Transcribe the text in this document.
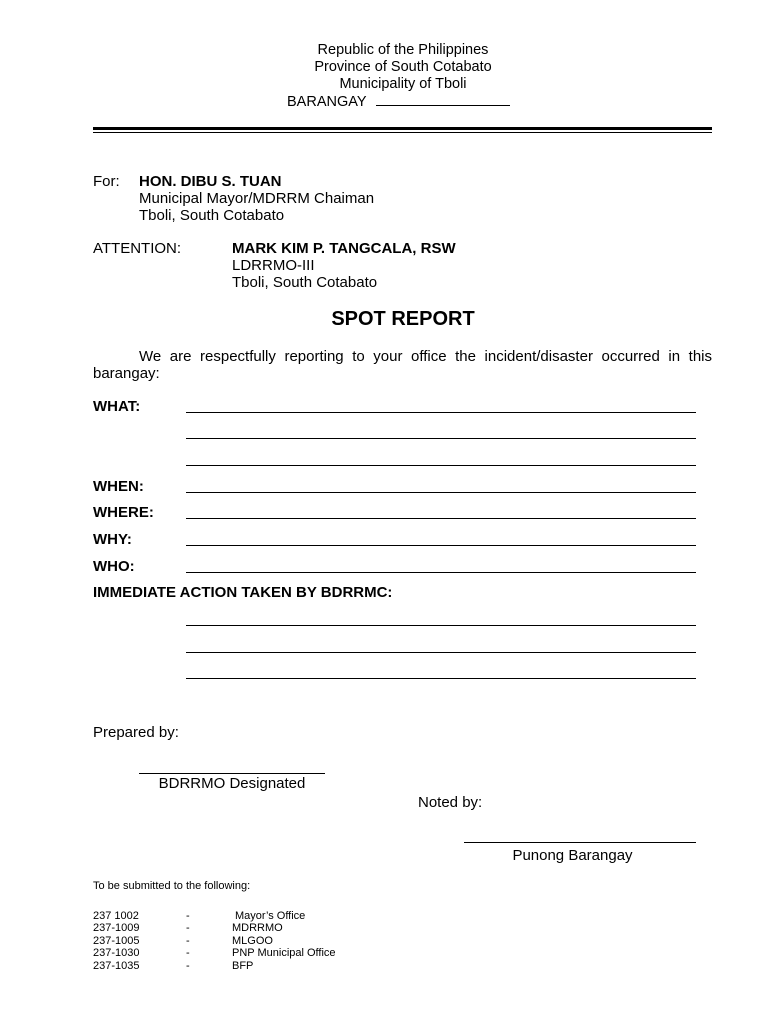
Republic of the Philippines
Province of South Cotabato
Municipality of Tboli
BARANGAY
For: HON. DIBU S. TUAN
Municipal Mayor/MDRRM Chaiman
Tboli, South Cotabato
ATTENTION:	MARK KIM P. TANGCALA, RSW
LDRRMO-III
Tboli, South Cotabato
SPOT REPORT
We are respectfully reporting to your office the incident/disaster occurred in this
barangay:
WHAT:
WHEN:
WHERE:
WHY:
WHO:
IMMEDIATE ACTION TAKEN BY BDRRMC:
Prepared by:
BDRRMO Designated
Noted by:
Punong Barangay
To be submitted to the following:
237 1002	-	Mayor’s Office
237-1009	-	MDRRMO
237-1005	-	MLGOO
237-1030	-	PNP Municipal Office
237-1035	-	BFP
